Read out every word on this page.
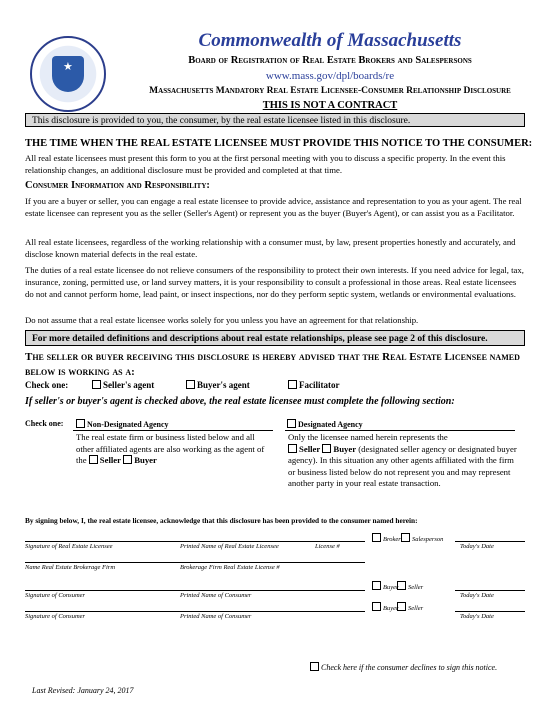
★
Commonwealth of Massachusetts
Board of Registration of Real Estate Brokers and Salespersons
www.mass.gov/dpl/boards/re
Massachusetts Mandatory Real Estate Licensee-Consumer Relationship Disclosure
THIS IS NOT A CONTRACT
This disclosure is provided to you, the consumer, by the real estate licensee listed in this disclosure.
THE TIME WHEN THE REAL ESTATE LICENSEE MUST PROVIDE THIS NOTICE TO THE CONSUMER:
All real estate licensees must present this form to you at the first personal meeting with you to discuss a specific property. In the event this relationship changes, an additional disclosure must be provided and completed at that time.
Consumer Information and Responsibility:
If you are a buyer or seller, you can engage a real estate licensee to provide advice, assistance and representation to you as your agent. The real estate licensee can represent you as the seller (Seller's Agent) or represent you as the buyer (Buyer's Agent), or can assist you as a Facilitator.
All real estate licensees, regardless of the working relationship with a consumer must, by law, present properties honestly and accurately, and disclose known material defects in the real estate.
The duties of a real estate licensee do not relieve consumers of the responsibility to protect their own interests. If you need advice for legal, tax, insurance, zoning, permitted use, or land survey matters, it is your responsibility to consult a professional in those areas. Real estate licensees do not and cannot perform home, lead paint, or insect inspections, nor do they perform septic system, wetlands or environmental evaluations.
Do not assume that a real estate licensee works solely for you unless you have an agreement for that relationship.
For more detailed definitions and descriptions about real estate relationships, please see page 2 of this disclosure.
The seller or buyer receiving this disclosure is hereby advised that the Real Estate Licensee named below is working as a:
Check one:	Seller's agent	Buyer's agent	Facilitator
If seller's or buyer's agent is checked above, the real estate licensee must complete the following section:
Check one:	Non-Designated Agency	Designated Agency
The real estate firm or business listed below and all other affiliated agents are also working as the agent of the Seller Buyer
Only the licensee named herein represents the
Seller Buyer (designated seller agency or designated buyer agency). In this situation any other agents affiliated with the firm or business listed below do not represent you and may represent another party in your real estate transaction.
By signing below, I, the real estate licensee, acknowledge that this disclosure has been provided to the consumer named herein:
Signature of Real Estate Licensee	Printed Name of Real Estate Licensee	License #
Broker	Salesperson
Today's Date
Name Real Estate Brokerage Firm	Brokerage Firm Real Estate License #
Buyer	Seller
Signature of Consumer	Printed Name of Consumer	Today's Date
Buyer	Seller
Signature of Consumer	Printed Name of Consumer	Today's Date
Check here if the consumer declines to sign this notice.
Last Revised: January 24, 2017
